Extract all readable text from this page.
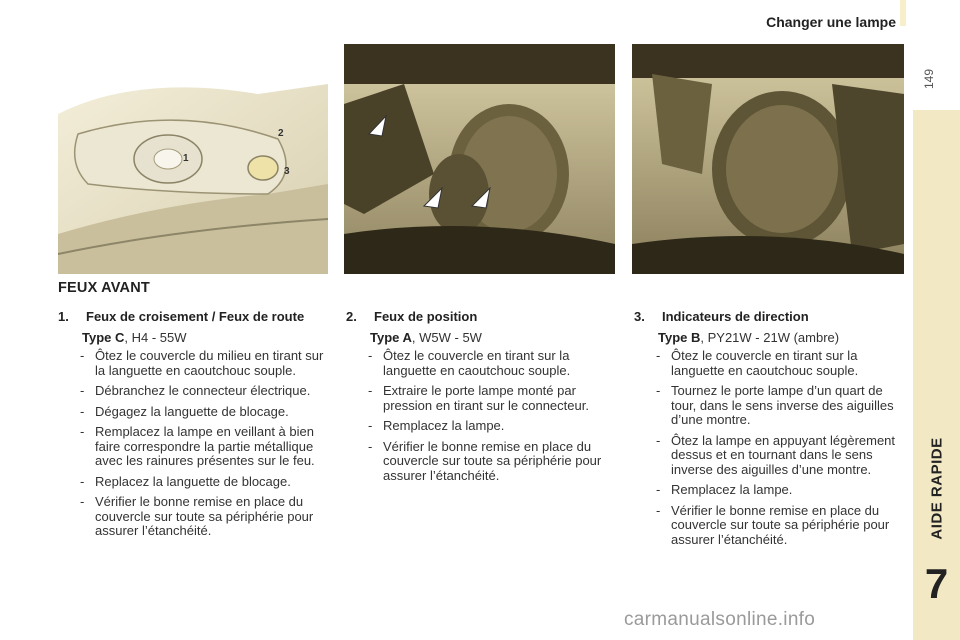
Changer une lampe
149
AIDE RAPIDE
7
1
2
3
FEUX AVANT
1.	Feux de croisement / Feux de route
Type C, H4 - 55W
- Ôtez le couvercle du milieu en tirant sur la languette en caoutchouc souple.
- Débranchez le connecteur électrique.
- Dégagez la languette de blocage.
- Remplacez la lampe en veillant à bien faire correspondre la partie métallique avec les rainures présentes sur le feu.
- Replacez la languette de blocage.
- Vérifier le bonne remise en place du couvercle sur toute sa périphérie pour assurer l’étanchéité.
2.	Feux de position
Type A, W5W - 5W
- Ôtez le couvercle en tirant sur la languette en caoutchouc souple.
- Extraire le porte lampe monté par pression en tirant sur le connecteur.
- Remplacez la lampe.
- Vérifier le bonne remise en place du couvercle sur toute sa périphérie pour assurer l’étanchéité.
3.	Indicateurs de direction
Type B, PY21W - 21W (ambre)
- Ôtez le couvercle en tirant sur la languette en caoutchouc souple.
- Tournez le porte lampe d’un quart de tour, dans le sens inverse des aiguilles d’une montre.
- Ôtez la lampe en appuyant légèrement dessus et en tournant dans le sens inverse des aiguilles d’une montre.
- Remplacez la lampe.
- Vérifier le bonne remise en place du couvercle sur toute sa périphérie pour assurer l’étanchéité.
carmanualsonline.info
